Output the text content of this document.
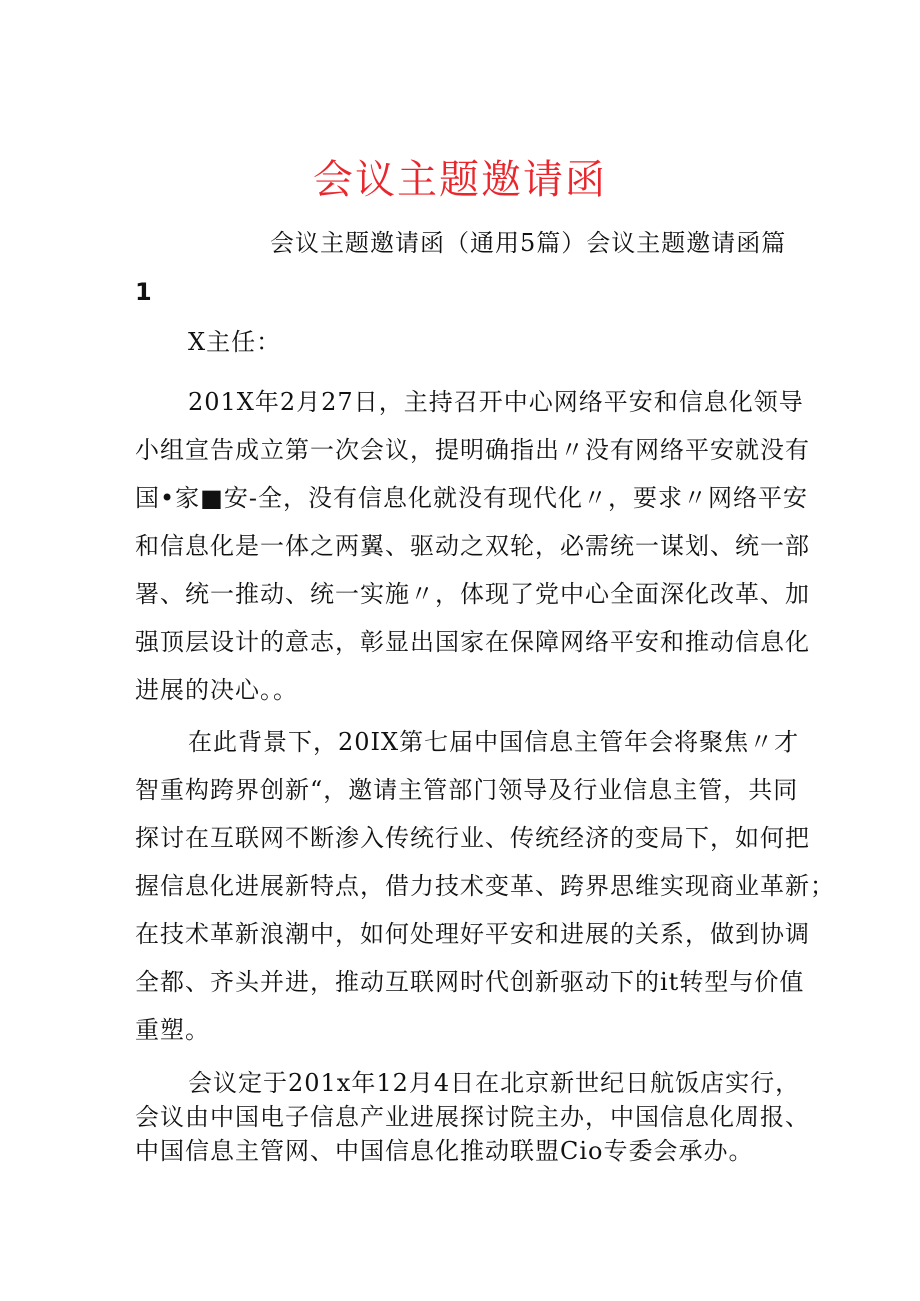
会议主题邀请函
会议主题邀请函（通用5篇）会议主题邀请函篇
1
X主任：
201X年2月27日，主持召开中心网络平安和信息化领导
小组宣告成立第一次会议，提明确指出〃没有网络平安就没有
国•家■安-全，没有信息化就没有现代化〃，要求〃网络平安
和信息化是一体之两翼、驱动之双轮，必需统一谋划、统一部
署、统一推动、统一实施〃，体现了党中心全面深化改革、加
强顶层设计的意志，彰显出国家在保障网络平安和推动信息化
进展的决心。。
在此背景下，20IX第七届中国信息主管年会将聚焦〃才
智重构跨界创新“，邀请主管部门领导及行业信息主管，共同
探讨在互联网不断渗入传统行业、传统经济的变局下，如何把
握信息化进展新特点，借力技术变革、跨界思维实现商业革新；
在技术革新浪潮中，如何处理好平安和进展的关系，做到协调
全都、齐头并进，推动互联网时代创新驱动下的it转型与价值
重塑。
会议定于201x年12月4日在北京新世纪日航饭店实行，
会议由中国电子信息产业进展探讨院主办，中国信息化周报、
中国信息主管网、中国信息化推动联盟Cio专委会承办。
